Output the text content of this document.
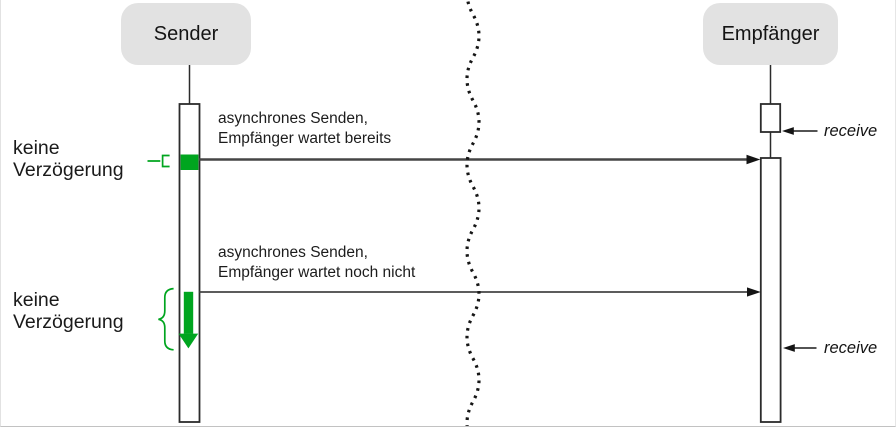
Sender	Empfänger
asynchrones Senden,
Empfänger wartet bereits
asynchrones Senden,
Empfänger wartet noch nicht
keine
Verzögerung
keine
Verzögerung
receive
receive
